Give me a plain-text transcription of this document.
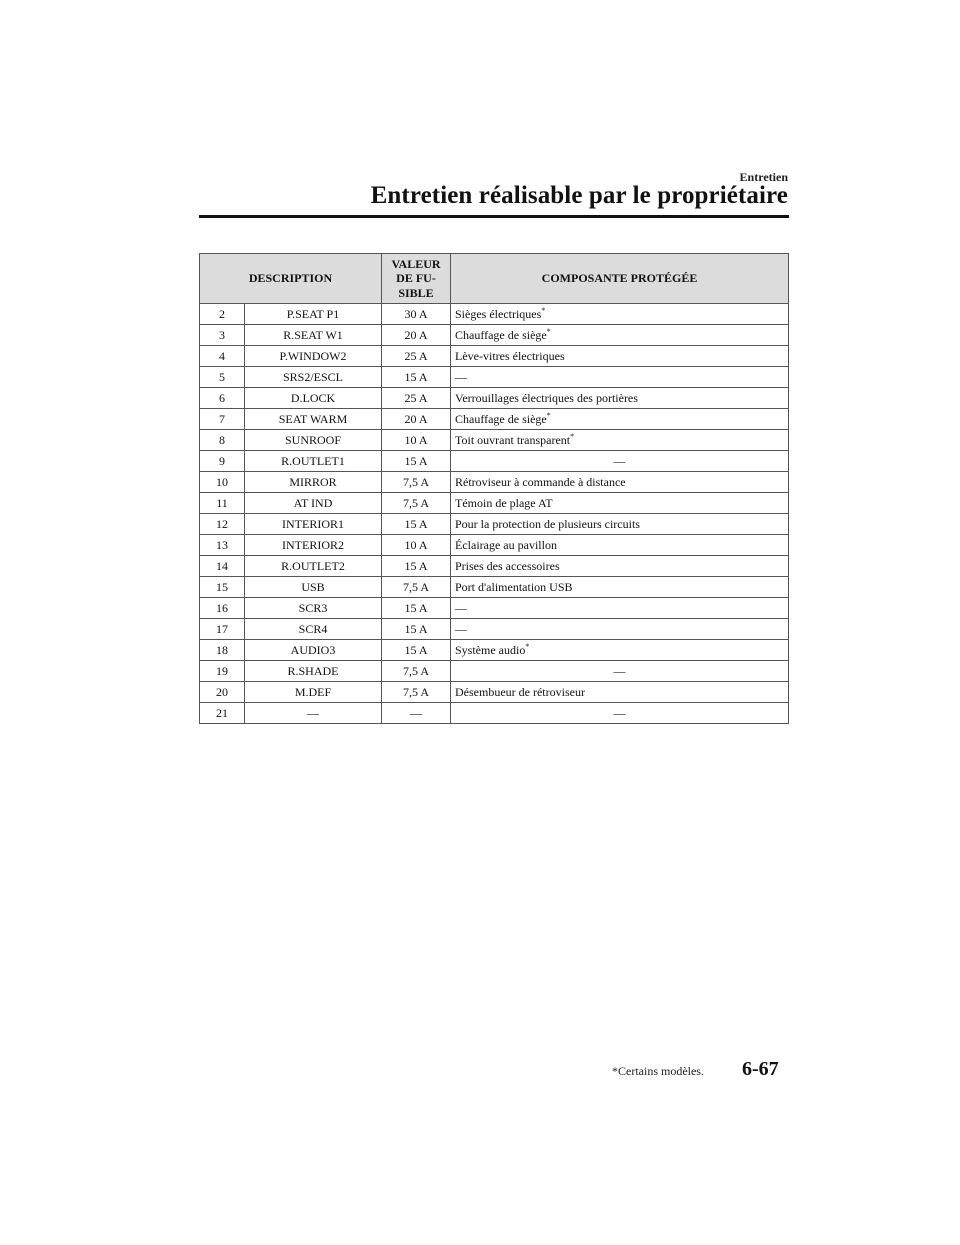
Entretien
Entretien réalisable par le propriétaire
DESCRIPTION		VALEUR
DE FU-
SIBLE	COMPOSANTE PROTÉGÉE
2	P.SEAT P1	30 A	Sièges électriques*
3	R.SEAT W1	20 A	Chauffage de siège*
4	P.WINDOW2	25 A	Lève-vitres électriques
5	SRS2/ESCL	15 A	―
6	D.LOCK	25 A	Verrouillages électriques des portières
7	SEAT WARM	20 A	Chauffage de siège*
8	SUNROOF	10 A	Toit ouvrant transparent*
9	R.OUTLET1	15 A	―
10	MIRROR	7,5 A	Rétroviseur à commande à distance
11	AT IND	7,5 A	Témoin de plage AT
12	INTERIOR1	15 A	Pour la protection de plusieurs circuits
13	INTERIOR2	10 A	Éclairage au pavillon
14	R.OUTLET2	15 A	Prises des accessoires
15	USB	7,5 A	Port d'alimentation USB
16	SCR3	15 A	―
17	SCR4	15 A	―
18	AUDIO3	15 A	Système audio*
19	R.SHADE	7,5 A	―
20	M.DEF	7,5 A	Désembueur de rétroviseur
21	―	―	―
*Certains modèles. 6-67
